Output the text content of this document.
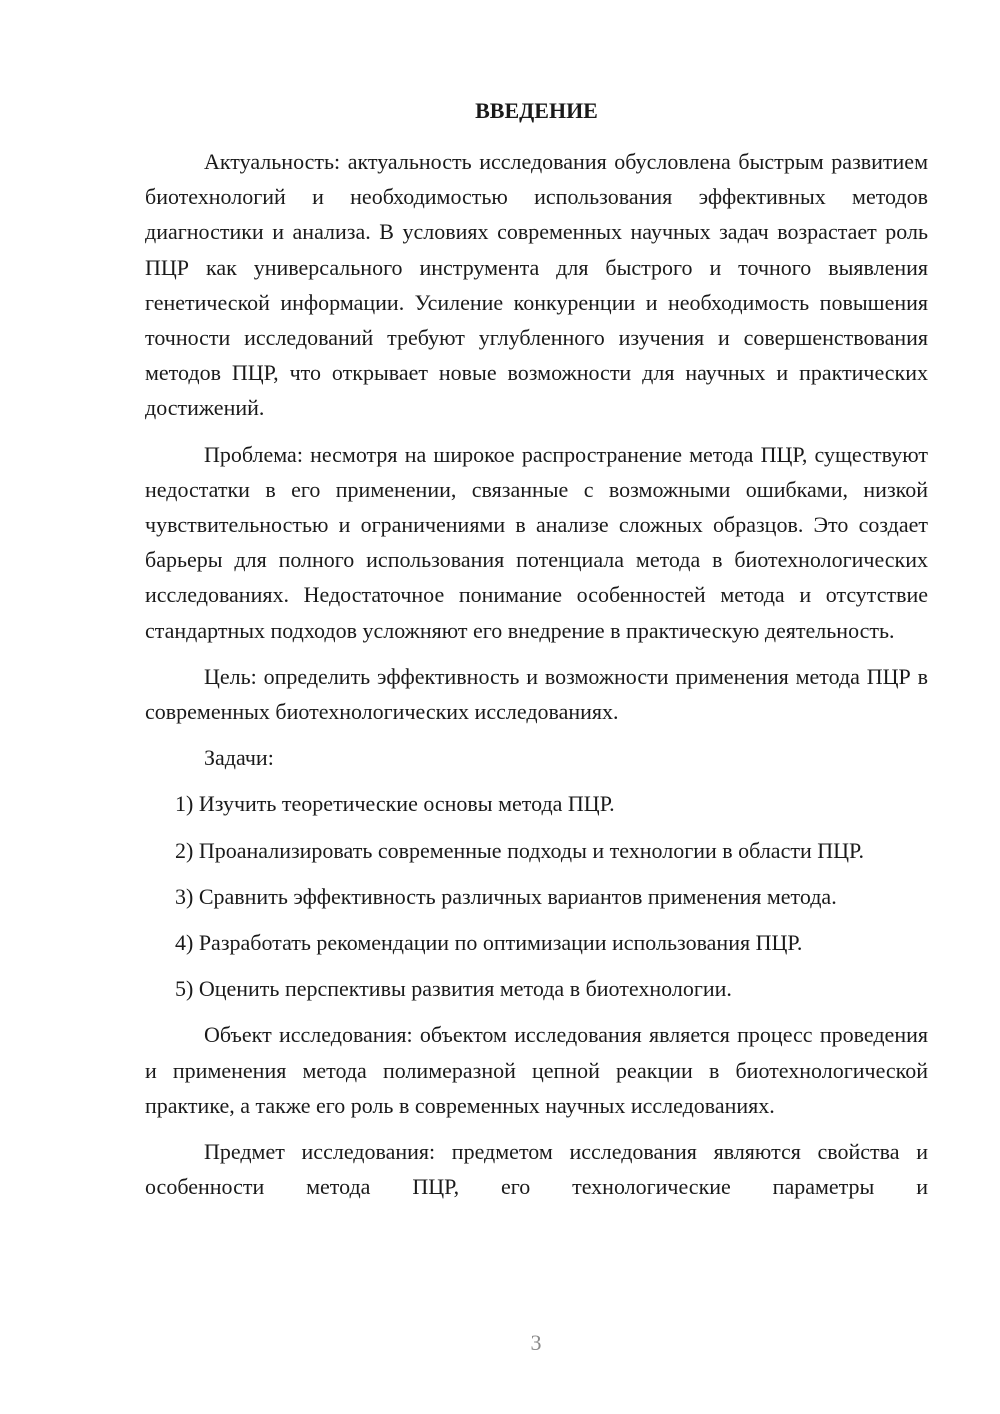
ВВЕДЕНИЕ

Актуальность: актуальность исследования обусловлена быстрым развитием биотехнологий и необходимостью использования эффективных методов диагностики и анализа. В условиях современных научных задач возрастает роль ПЦР как универсального инструмента для быстрого и точного выявления генетической информации. Усиление конкуренции и необходимость повышения точности исследований требуют углубленного изучения и совершенствования методов ПЦР, что открывает новые возможности для научных и практических достижений.

Проблема: несмотря на широкое распространение метода ПЦР, существуют недостатки в его применении, связанные с возможными ошибками, низкой чувствительностью и ограничениями в анализе сложных образцов. Это создает барьеры для полного использования потенциала метода в биотехнологических исследованиях. Недостаточное понимание особенностей метода и отсутствие стандартных подходов усложняют его внедрение в практическую деятельность.

Цель: определить эффективность и возможности применения метода ПЦР в современных биотехнологических исследованиях.

Задачи:

1) Изучить теоретические основы метода ПЦР.

2) Проанализировать современные подходы и технологии в области ПЦР.

3) Сравнить эффективность различных вариантов применения метода.

4) Разработать рекомендации по оптимизации использования ПЦР.

5) Оценить перспективы развития метода в биотехнологии.

Объект исследования: объектом исследования является процесс проведения и применения метода полимеразной цепной реакции в биотехнологической практике, а также его роль в современных научных исследованиях.

Предмет исследования: предметом исследования являются свойства и особенности метода ПЦР, его технологические параметры и

3
